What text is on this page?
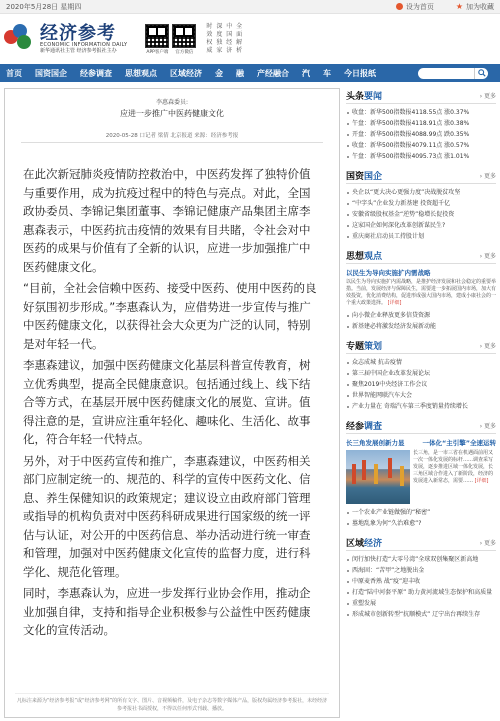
2020年5月28日 星期四	设为首页	★ 加为收藏
经济参考
ECONOMIC INFORMATION DAILY
新华通讯社主管 经济参考报社主办	APP客户端 官方微信
时 深 中 全
效 度 国 面
权 独 经 解
威 家 济 析
首页 国资国企 经参调查 思想观点 区域经济 金 融 产经融合 汽 车 今日报纸
李惠森委员:
应进一步推广中医药健康文化
2020-05-28 口记者 梁倩 北京报道 来源：经济参考报

在此次新冠肺炎疫情防控救治中，中医药发挥了独特价值与重要作用，成为抗疫过程中的特色与亮点。对此，全国政协委员、李锦记集团董事、李锦记健康产品集团主席李惠森表示，中医药抗击疫情的效果有目共睹，令社会对中医药的成果与价值有了全新的认识，应进一步加强推广中医药健康文化。

“目前，全社会信赖中医药、接受中医药、使用中医药的良好氛围初步形成。”李惠森认为，应借势进一步宣传与推广中医药健康文化，以获得社会大众更为广泛的认同，特别是对年轻一代。

李惠森建议，加强中医药健康文化基层科普宣传教育，树立优秀典型，提高全民健康意识。包括通过线上、线下结合等方式，在基层开展中医药健康文化的展览、宣讲。值得注意的是，宣讲应注重年轻化、趣味化、生活化、故事化，符合年轻一代特点。

另外，对于中医药宣传和推广，李惠森建议，中医药相关部门应制定统一的、规范的、科学的宣传中医药文化、信息、养生保健知识的政策规定；建议设立由政府部门管理或指导的机构负责对中医药科研成果进行国家级的统一评估与认证，对公开的中医药信息、举办活动进行统一审查和管理，加强对中医药健康文化宣传的监督力度，进行科学化、规范化管理。

同时，李惠森认为，应进一步发挥行业协会作用，推动企业加强自律，支持和指导企业积极参与公益性中医药健康文化的宣传活动。

凡标注来源为“经济参考报”或“经济参考网”的所有文字、图片、音视频稿件，及电子杂志等数字媒体产品，版权均属经济参考报社，未经经济参考报社书面授权，不得以任何形式刊载、播放。
头条 要闻	› 更多
收盘：新华500指数报4118.55点 涨0.37%
午盘：新华500指数报4118.91点 涨0.38%
开盘：新华500指数报4088.99点 跌0.35%
收盘：新华500指数报4079.11点 涨0.57%
午盘：新华500指数报4095.73点 涨1.01%
国资 国企	› 更多
央企以“更大决心更强力度”决战脱贫攻坚
“中字头”企业发力新基建 投资超千亿
安徽省级股权基金“逆势”稳增长促投资
这家国企如何深化改革创新谋民生?
重庆商社启动员工持股计划
思想 观点	› 更多
以民生为导向实施扩内需战略
以民生为导向实施扩内需战略，是推护经济发展和社会稳定的重要举措。当前，发展经济与保障民生，需要进一步拓展国内市场，加大有效投资，优化消费结构，促进形成强大国内市场，建成小康社会的一个重大政策选择。 [详细]
向小微企业释放更多信贷资源
新基建必将激发经济发展新动能
专题 策划	› 更多
众志成城 抗击疫情
第三届中国企业改革发展论坛
聚焦2019中央经济工作会议
世界智能网联汽车大会
产业力量在 奇瑞汽车第三季度销量持续增长
经参 调查	› 更多
长三角发展创新力显	一体化“主引擎”全速运转
长三角，是一市三省在机遇面前用又一次一体化发展的标杆……调查采写发展，逐步推进区域一体化发展，长三角区域合作进入了新阶段，经济的发展进入新常态，需要…… [详细]
一个农业产业链做强的“秘密”
墓地乱象为何“久治难愈”?
区域 经济	› 更多
闵行加快打造“大零号湾”全球双创集聚区新高地
西海固：“苦甲”之地脱出金
中原麦香熟 战“疫”迎丰收
打造“陆中河套平原” 助力黄河流域生态保护和高质量
重塑发展
形成城市创新转型“抗顺模式” 辽宁出台再续生存
